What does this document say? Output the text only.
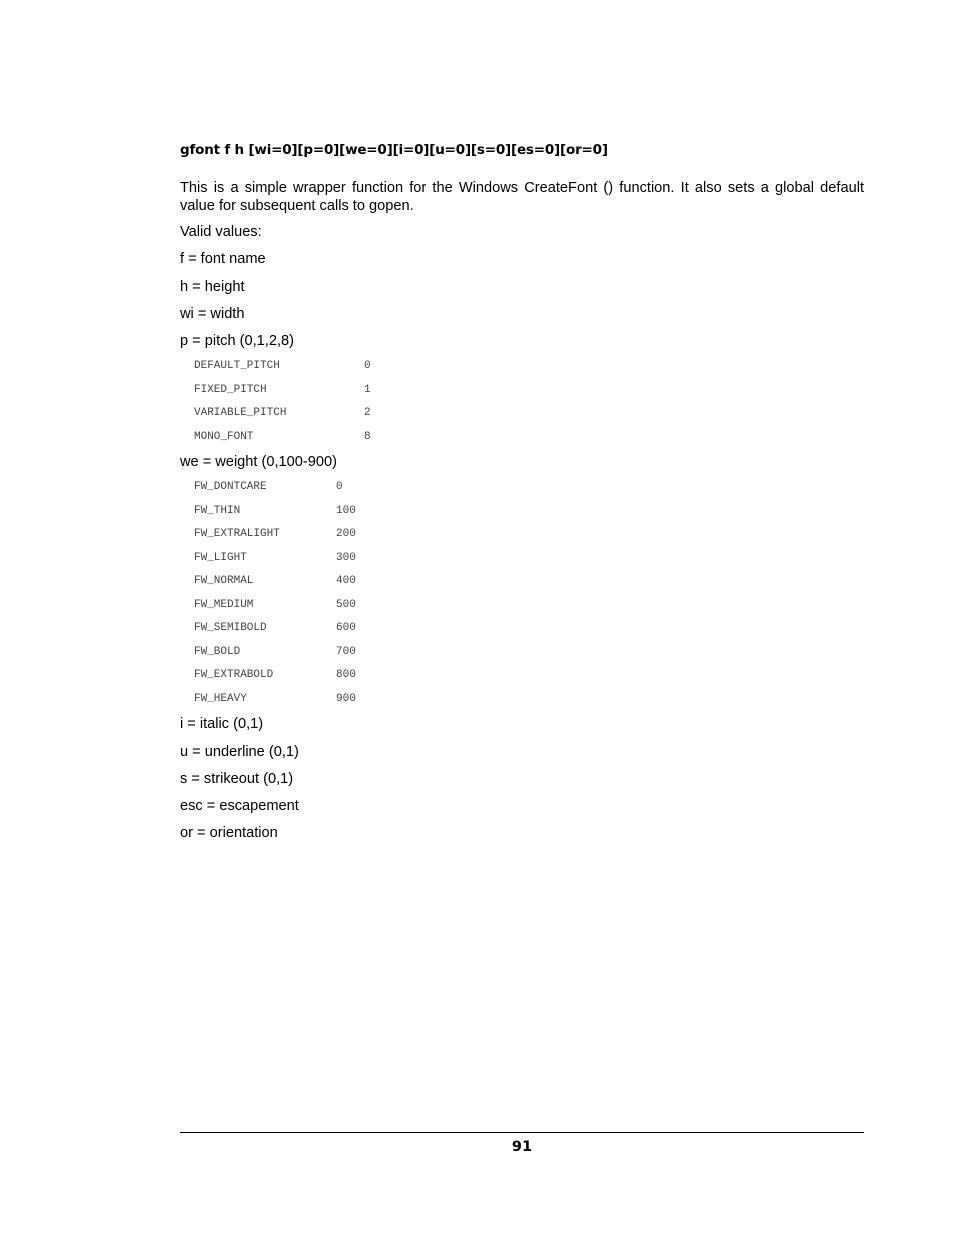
gfont f h [wi=0][p=0][we=0][i=0][u=0][s=0][es=0][or=0]
This is a simple wrapper function for the Windows CreateFont () function. It also sets a global default value for subsequent calls to gopen.
Valid values:
f = font name
h = height
wi = width
p = pitch (0,1,2,8)
DEFAULT_PITCH	0
FIXED_PITCH	1
VARIABLE_PITCH	2
MONO_FONT	8
we = weight (0,100-900)
FW_DONTCARE	0
FW_THIN	100
FW_EXTRALIGHT	200
FW_LIGHT	300
FW_NORMAL	400
FW_MEDIUM	500
FW_SEMIBOLD	600
FW_BOLD	700
FW_EXTRABOLD	800
FW_HEAVY	900
i = italic (0,1)
u = underline (0,1)
s = strikeout (0,1)
esc = escapement
or = orientation
91
